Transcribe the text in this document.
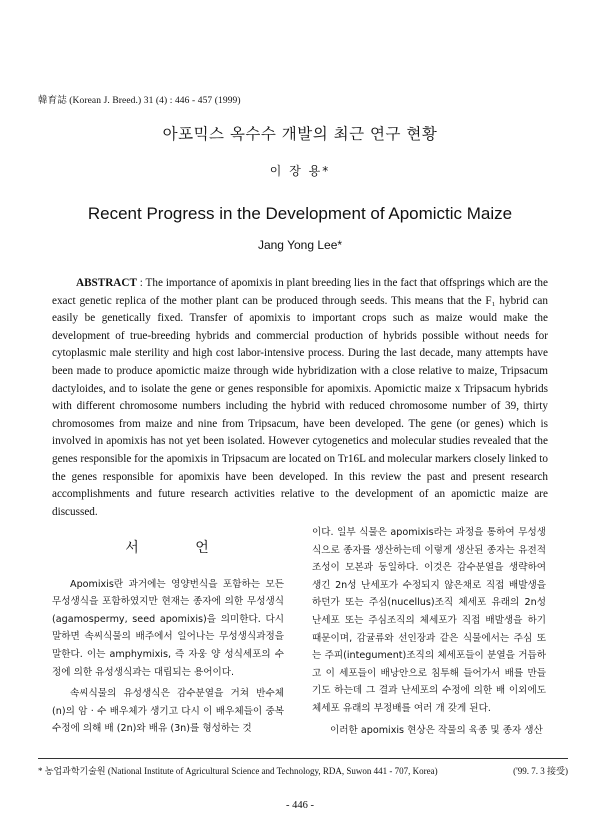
韓育誌 (Korean J. Breed.) 31 (4) : 446 - 457 (1999)
아포믹스 옥수수 개발의 최근 연구 현황
이 장 용*
Recent Progress in the Development of Apomictic Maize
Jang Yong Lee*
ABSTRACT : The importance of apomixis in plant breeding lies in the fact that offsprings which are the exact genetic replica of the mother plant can be produced through seeds. This means that the F₁ hybrid can easily be genetically fixed. Transfer of apomixis to important crops such as maize would make the development of true-breeding hybrids and commercial production of hybrids possible without needs for cytoplasmic male sterility and high cost labor-intensive process. During the last decade, many attempts have been made to produce apomictic maize through wide hybridization with a close relative to maize, Tripsacum dactyloides, and to isolate the gene or genes responsible for apomixis. Apomictic maize x Tripsacum hybrids with different chromosome numbers including the hybrid with reduced chromosome number of 39, thirty chromosomes from maize and nine from Tripsacum, have been developed. The gene (or genes) which is involved in apomixis has not yet been isolated. However cytogenetics and molecular studies revealed that the genes responsible for the apomixis in Tripsacum are located on Tr16L and molecular markers closely linked to the genes responsible for apomixis have been developed. In this review the past and present research accomplishments and future research activities relative to the development of an apomictic maize are discussed.
서 언

Apomixis란 과거에는 영양번식을 포함하는 모든 무성생식을 포함하였지만 현재는 종자에 의한 무성생식 (agamospermy, seed apomixis)을 의미한다. 다시 말하면 속씨식물의 배주에서 일어나는 무성생식과정을 말한다. 이는 amphymixis, 즉 자웅 양 성식세포의 수정에 의한 유성생식과는 대립되는 용어이다.

속씨식물의 유성생식은 감수분열을 거쳐 반수체 (n)의 암 · 수 배우체가 생기고 다시 이 배우체들이 중복수정에 의해 배 (2n)와 배유 (3n)를 형성하는 것

이다. 일부 식물은 apomixis라는 과정을 통하여 무성생식으로 종자를 생산하는데 이렇게 생산된 종자는 유전적 조성이 모본과 동일하다. 이것은 감수분열을 생략하여 생긴 2n성 난세포가 수정되지 않은채로 직접 배발생을 하던가 또는 주심(nucellus)조직 체세포 유래의 2n성 난세포 또는 주심조직의 체세포가 직접 배발생을 하기 때문이며, 감귤류와 선인장과 같은 식물에서는 주심 또는 주피(integument)조직의 체세포들이 분열을 거듭하고 이 세포들이 배낭안으로 침투해 들어가서 배를 만들기도 하는데 그 결과 난세포의 수정에 의한 배 이외에도 체세포 유래의 부정배를 여러 개 갖게 된다.

이러한 apomixis 현상은 작물의 육종 및 종자 생산

* 농업과학기술원 (National Institute of Agricultural Science and Technology, RDA, Suwon 441 - 707, Korea)	('99. 7. 3 接受)
- 446 -
